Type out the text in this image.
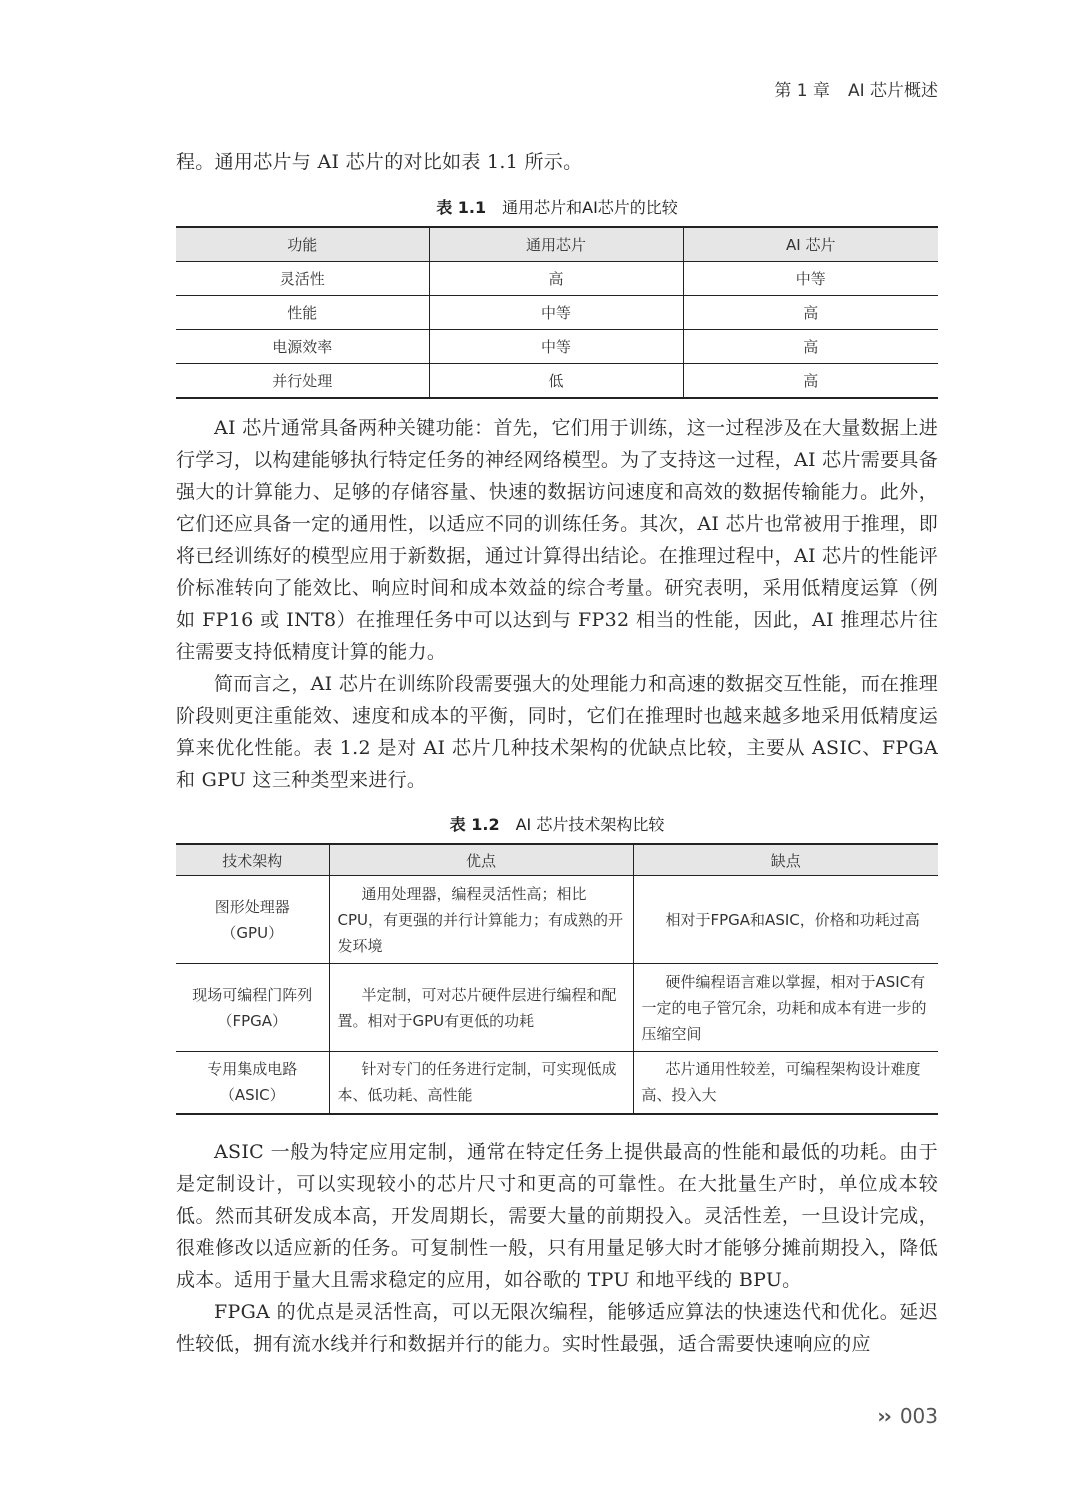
第 1 章 AI 芯片概述

程。通用芯片与 AI 芯片的对比如表 1.1 所示。

表 1.1 通用芯片和AI芯片的比较
功能	通用芯片	AI 芯片
灵活性	高	中等
性能	中等	高
电源效率	中等	高
并行处理	低	高

AI 芯片通常具备两种关键功能：首先，它们用于训练，这一过程涉及在大量数据上进行学习，以构建能够执行特定任务的神经网络模型。为了支持这一过程，AI 芯片需要具备强大的计算能力、足够的存储容量、快速的数据访问速度和高效的数据传输能力。此外，它们还应具备一定的通用性，以适应不同的训练任务。其次，AI 芯片也常被用于推理，即将已经训练好的模型应用于新数据，通过计算得出结论。在推理过程中，AI 芯片的性能评价标准转向了能效比、响应时间和成本效益的综合考量。研究表明，采用低精度运算（例如 FP16 或 INT8）在推理任务中可以达到与 FP32 相当的性能，因此，AI 推理芯片往往需要支持低精度计算的能力。

简而言之，AI 芯片在训练阶段需要强大的处理能力和高速的数据交互性能，而在推理阶段则更注重能效、速度和成本的平衡，同时，它们在推理时也越来越多地采用低精度运算来优化性能。表 1.2 是对 AI 芯片几种技术架构的优缺点比较，主要从 ASIC、FPGA 和 GPU 这三种类型来进行。

表 1.2 AI 芯片技术架构比较
技术架构	优点	缺点

图形处理器
（GPU）	通用处理器，编程灵活性高；相比 CPU，有更强的并行计算能力；有成熟的开发环境	相对于FPGA和ASIC，价格和功耗过高

现场可编程门阵列
（FPGA）	半定制，可对芯片硬件层进行编程和配置。相对于GPU有更低的功耗	硬件编程语言难以掌握，相对于ASIC有一定的电子管冗余，功耗和成本有进一步的压缩空间

专用集成电路
（ASIC）	针对专门的任务进行定制，可实现低成本、低功耗、高性能	芯片通用性较差，可编程架构设计难度高、投入大

ASIC 一般为特定应用定制，通常在特定任务上提供最高的性能和最低的功耗。由于是定制设计，可以实现较小的芯片尺寸和更高的可靠性。在大批量生产时，单位成本较低。然而其研发成本高，开发周期长，需要大量的前期投入。灵活性差，一旦设计完成，很难修改以适应新的任务。可复制性一般，只有用量足够大时才能够分摊前期投入，降低成本。适用于量大且需求稳定的应用，如谷歌的 TPU 和地平线的 BPU。

FPGA 的优点是灵活性高，可以无限次编程，能够适应算法的快速迭代和优化。延迟性较低，拥有流水线并行和数据并行的能力。实时性最强，适合需要快速响应的应

›› 003
